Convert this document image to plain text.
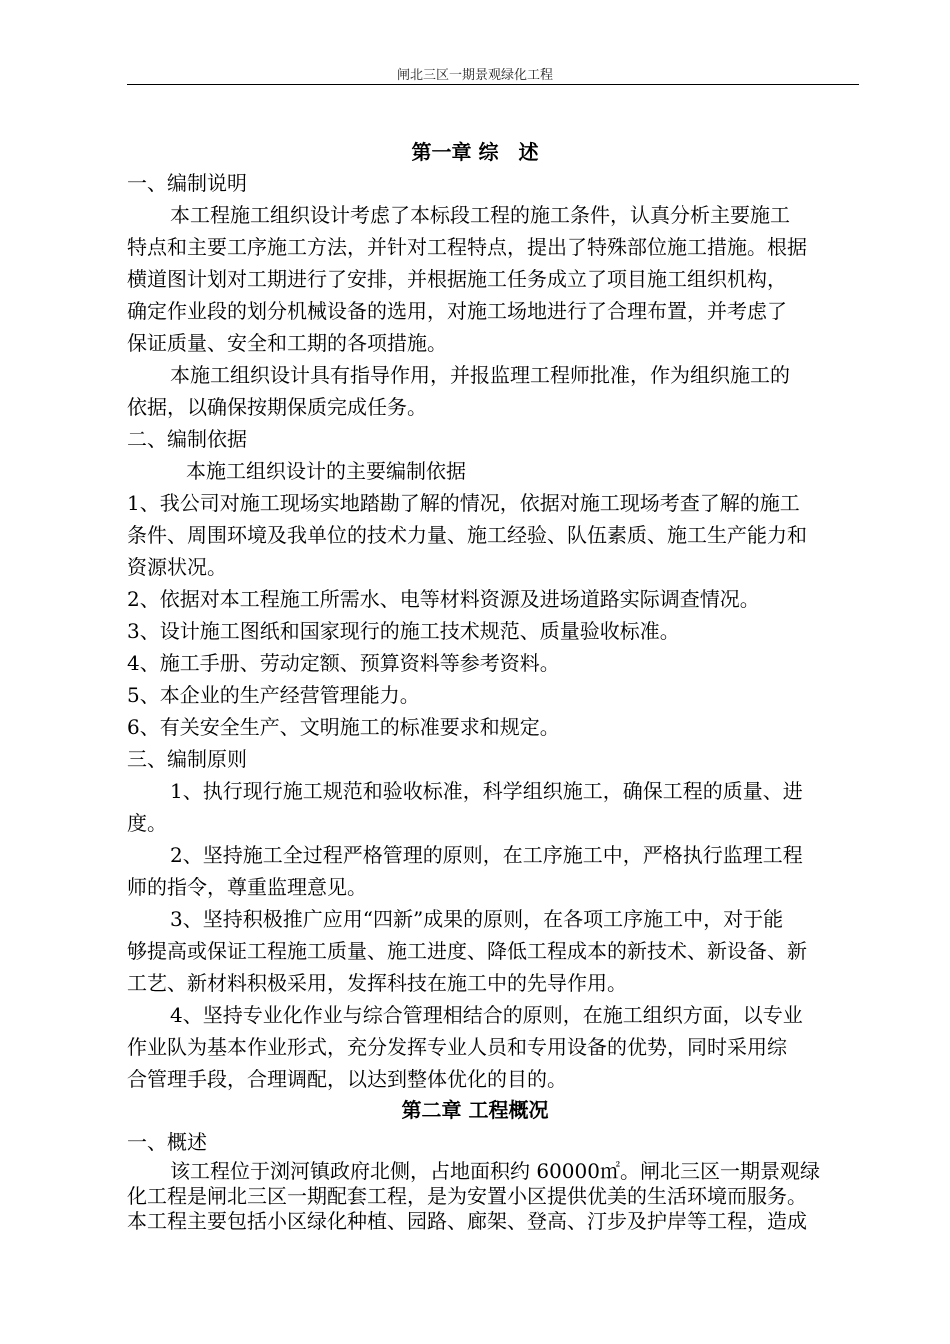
闸北三区一期景观绿化工程
第一章 综　述
一、编制说明
本工程施工组织设计考虑了本标段工程的施工条件，认真分析主要施工
特点和主要工序施工方法，并针对工程特点，提出了特殊部位施工措施。根据
横道图计划对工期进行了安排，并根据施工任务成立了项目施工组织机构，
确定作业段的划分机械设备的选用，对施工场地进行了合理布置，并考虑了
保证质量、安全和工期的各项措施。
本施工组织设计具有指导作用，并报监理工程师批准，作为组织施工的
依据，以确保按期保质完成任务。
二、编制依据
本施工组织设计的主要编制依据
1、我公司对施工现场实地踏勘了解的情况，依据对施工现场考查了解的施工
条件、周围环境及我单位的技术力量、施工经验、队伍素质、施工生产能力和
资源状况。
2、依据对本工程施工所需水、电等材料资源及进场道路实际调查情况。
3、设计施工图纸和国家现行的施工技术规范、质量验收标准。
4、施工手册、劳动定额、预算资料等参考资料。
5、本企业的生产经营管理能力。
6、有关安全生产、文明施工的标准要求和规定。
三、编制原则
1、执行现行施工规范和验收标准，科学组织施工，确保工程的质量、进
度。
2、坚持施工全过程严格管理的原则，在工序施工中，严格执行监理工程
师的指令，尊重监理意见。
3、坚持积极推广应用“四新”成果的原则，在各项工序施工中，对于能
够提高或保证工程施工质量、施工进度、降低工程成本的新技术、新设备、新
工艺、新材料积极采用，发挥科技在施工中的先导作用。
4、坚持专业化作业与综合管理相结合的原则，在施工组织方面，以专业
作业队为基本作业形式，充分发挥专业人员和专用设备的优势，同时采用综
合管理手段，合理调配，以达到整体优化的目的。
第二章 工程概况
一、概述
该工程位于浏河镇政府北侧，占地面积约 60000㎡。闸北三区一期景观绿
化工程是闸北三区一期配套工程，是为安置小区提供优美的生活环境而服务。
本工程主要包括小区绿化种植、园路、廊架、登高、汀步及护岸等工程，造成
